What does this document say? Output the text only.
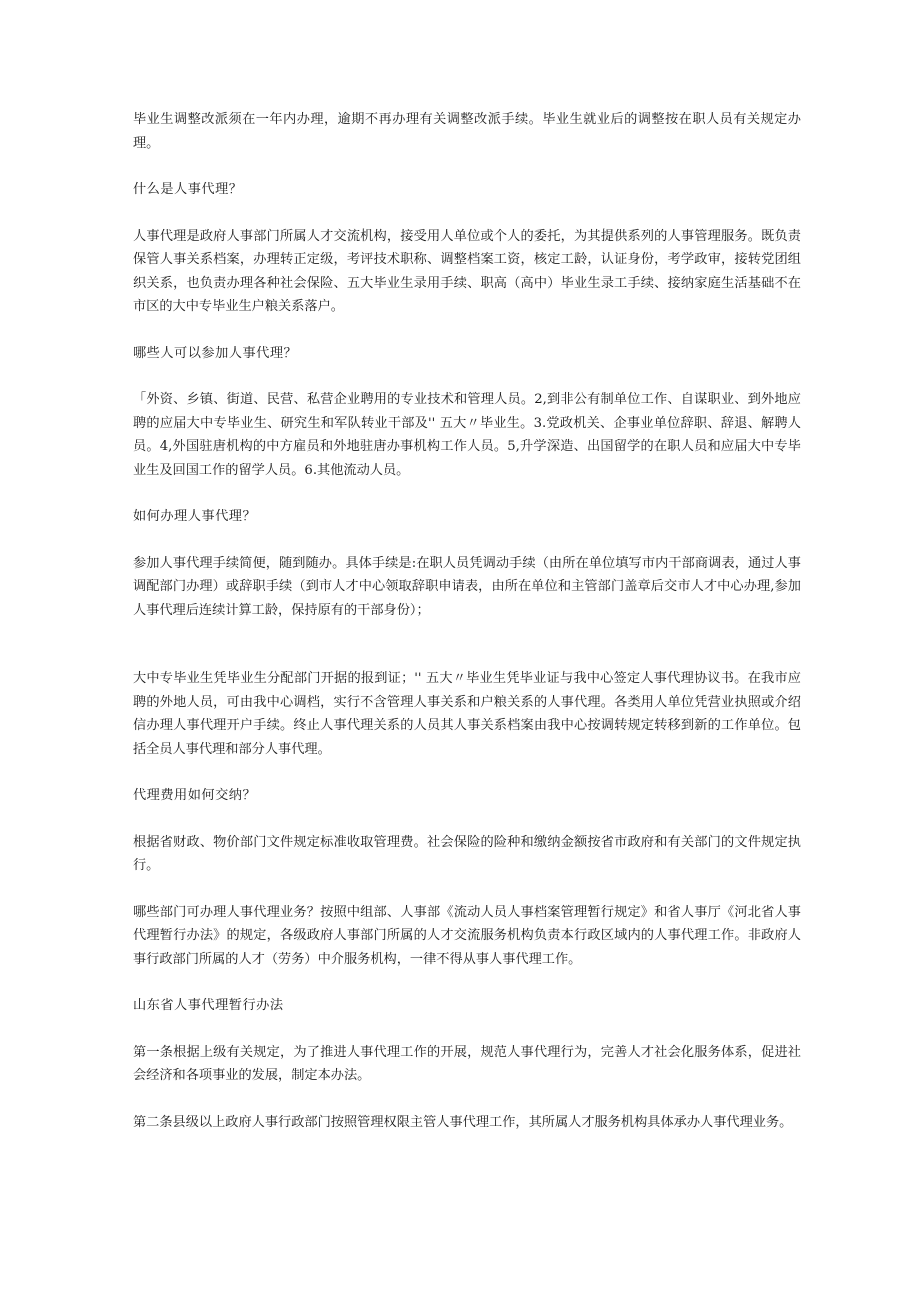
毕业生调整改派须在一年内办理，逾期不再办理有关调整改派手续。毕业生就业后的调整按在职人员有关规定办理。

什么是人事代理？

人事代理是政府人事部门所属人才交流机构，接受用人单位或个人的委托，为其提供系列的人事管理服务。既负责保管人事关系档案，办理转正定级，考评技术职称、调整档案工资，核定工龄，认证身份，考学政审，接转党团组织关系，也负责办理各种社会保险、五大毕业生录用手续、职高（高中）毕业生录工手续、接纳家庭生活基础不在市区的大中专毕业生户粮关系落户。

哪些人可以参加人事代理？

「外资、乡镇、街道、民营、私营企业聘用的专业技术和管理人员。2,到非公有制单位工作、自谋职业、到外地应聘的应届大中专毕业生、研究生和军队转业干部及'' 五大〃毕业生。3.党政机关、企事业单位辞职、辞退、解聘人员。4,外国驻唐机构的中方雇员和外地驻唐办事机构工作人员。5,升学深造、出国留学的在职人员和应届大中专毕业生及回国工作的留学人员。6.其他流动人员。

如何办理人事代理？

参加人事代理手续简便，随到随办。具体手续是:在职人员凭调动手续（由所在单位填写市内干部商调表，通过人事调配部门办理）或辞职手续（到市人才中心领取辞职申请表，由所在单位和主管部门盖章后交市人才中心办理,参加人事代理后连续计算工龄，保持原有的干部身份）；

大中专毕业生凭毕业生分配部门开据的报到证；'' 五大〃毕业生凭毕业证与我中心签定人事代理协议书。在我市应聘的外地人员，可由我中心调档，实行不含管理人事关系和户粮关系的人事代理。各类用人单位凭营业执照或介绍信办理人事代理开户手续。终止人事代理关系的人员其人事关系档案由我中心按调转规定转移到新的工作单位。包括全员人事代理和部分人事代理。

代理费用如何交纳？

根据省财政、物价部门文件规定标准收取管理费。社会保险的险种和缴纳金额按省市政府和有关部门的文件规定执行。

哪些部门可办理人事代理业务？按照中组部、人事部《流动人员人事档案管理暂行规定》和省人事厅《河北省人事代理暂行办法》的规定，各级政府人事部门所属的人才交流服务机构负责本行政区域内的人事代理工作。非政府人事行政部门所属的人才（劳务）中介服务机构，一律不得从事人事代理工作。

山东省人事代理暂行办法

第一条根据上级有关规定，为了推进人事代理工作的开展，规范人事代理行为，完善人才社会化服务体系，促进社会经济和各项事业的发展，制定本办法。

第二条县级以上政府人事行政部门按照管理权限主管人事代理工作，其所属人才服务机构具体承办人事代理业务。
